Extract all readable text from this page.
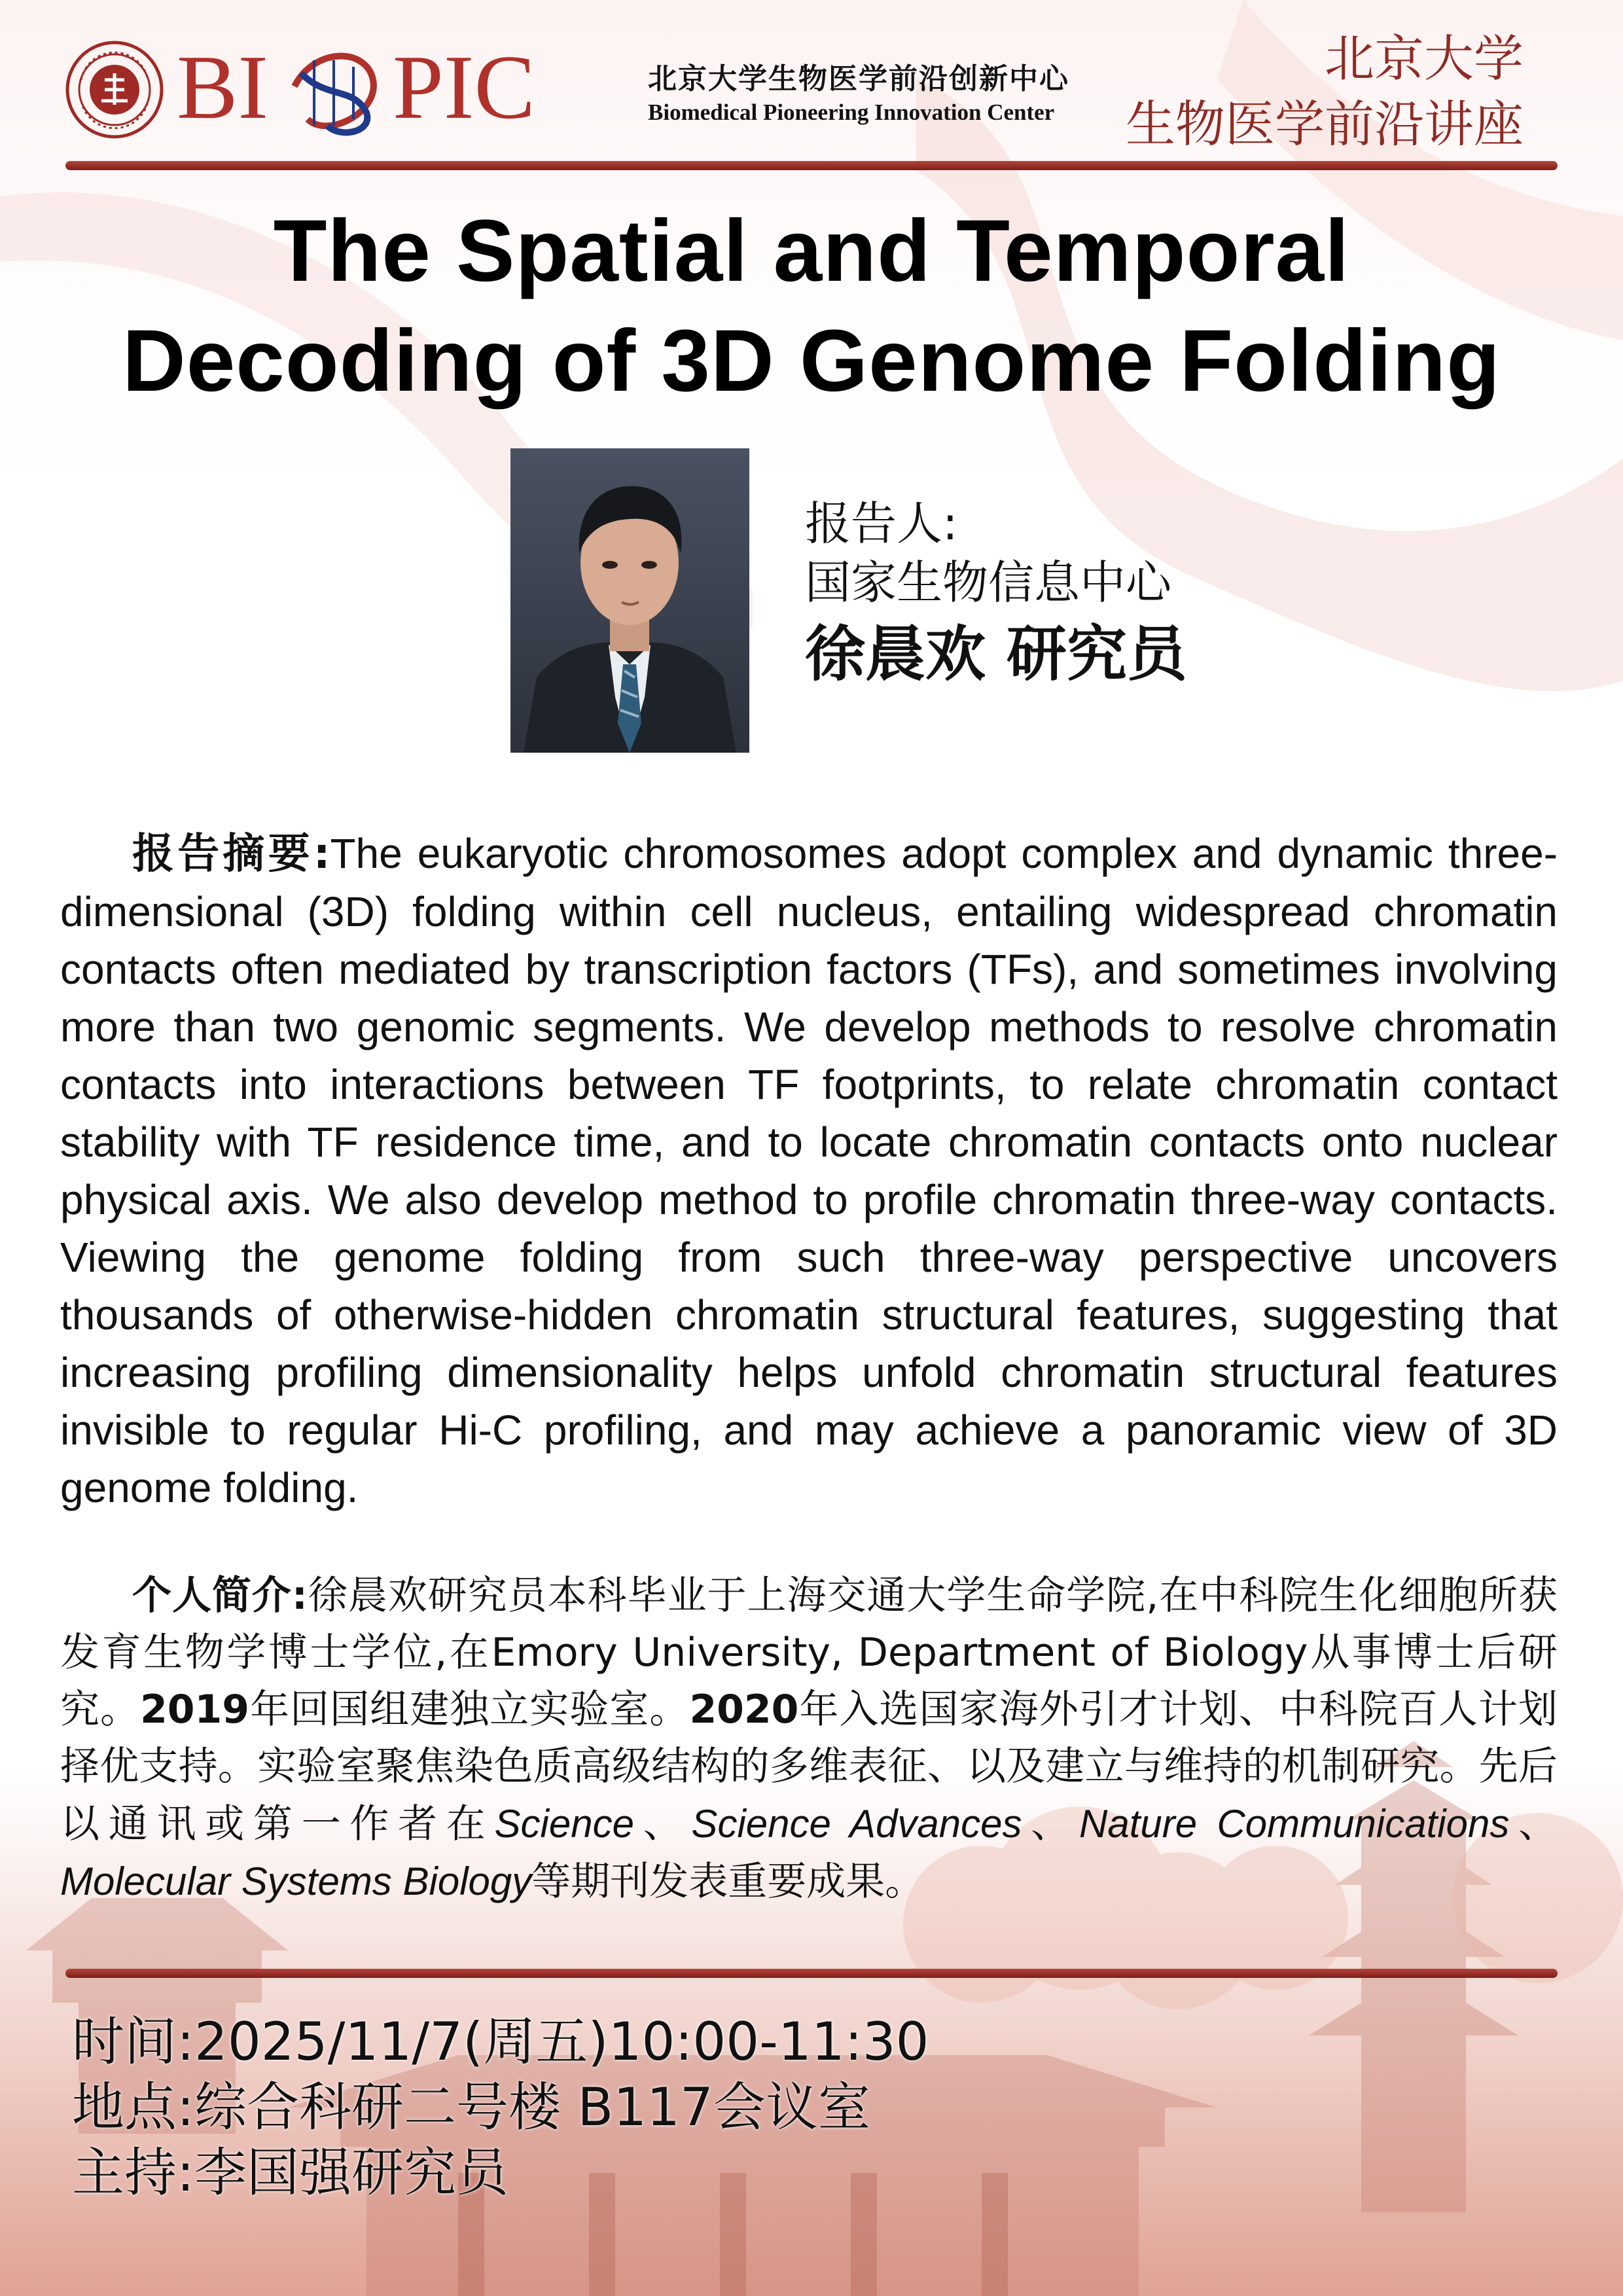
BI PIC	北京大学生物医学前沿创新中心
Biomedical Pioneering Innovation Center
北京大学
生物医学前沿讲座
The Spatial and Temporal
Decoding of 3D Genome Folding
报告人:
国家生物信息中心
徐晨欢 研究员

报告摘要:The eukaryotic chromosomes adopt complex and dynamic three-dimensional (3D) folding within cell nucleus, entailing widespread chromatin contacts often mediated by transcription factors (TFs), and sometimes involving more than two genomic segments. We develop methods to resolve chromatin contacts into interactions between TF footprints, to relate chromatin contact stability with TF residence time, and to locate chromatin contacts onto nuclear physical axis. We also develop method to profile chromatin three-way contacts. Viewing the genome folding from such three-way perspective uncovers thousands of otherwise-hidden chromatin structural features, suggesting that increasing profiling dimensionality helps unfold chromatin structural features invisible to regular Hi-C profiling, and may achieve a panoramic view of 3D genome folding.

个人简介:徐晨欢研究员本科毕业于上海交通大学生命学院,在中科院生化细胞所获发育生物学博士学位,在Emory University, Department of Biology从事博士后研究。2019年回国组建独立实验室。2020年入选国家海外引才计划、中科院百人计划择优支持。实验室聚焦染色质高级结构的多维表征、以及建立与维持的机制研究。先后以通讯或第一作者在Science、Science Advances、Nature Communications、Molecular Systems Biology等期刊发表重要成果。

时间:2025/11/7(周五)10:00-11:30
地点:综合科研二号楼 B117会议室
主持:李国强研究员
